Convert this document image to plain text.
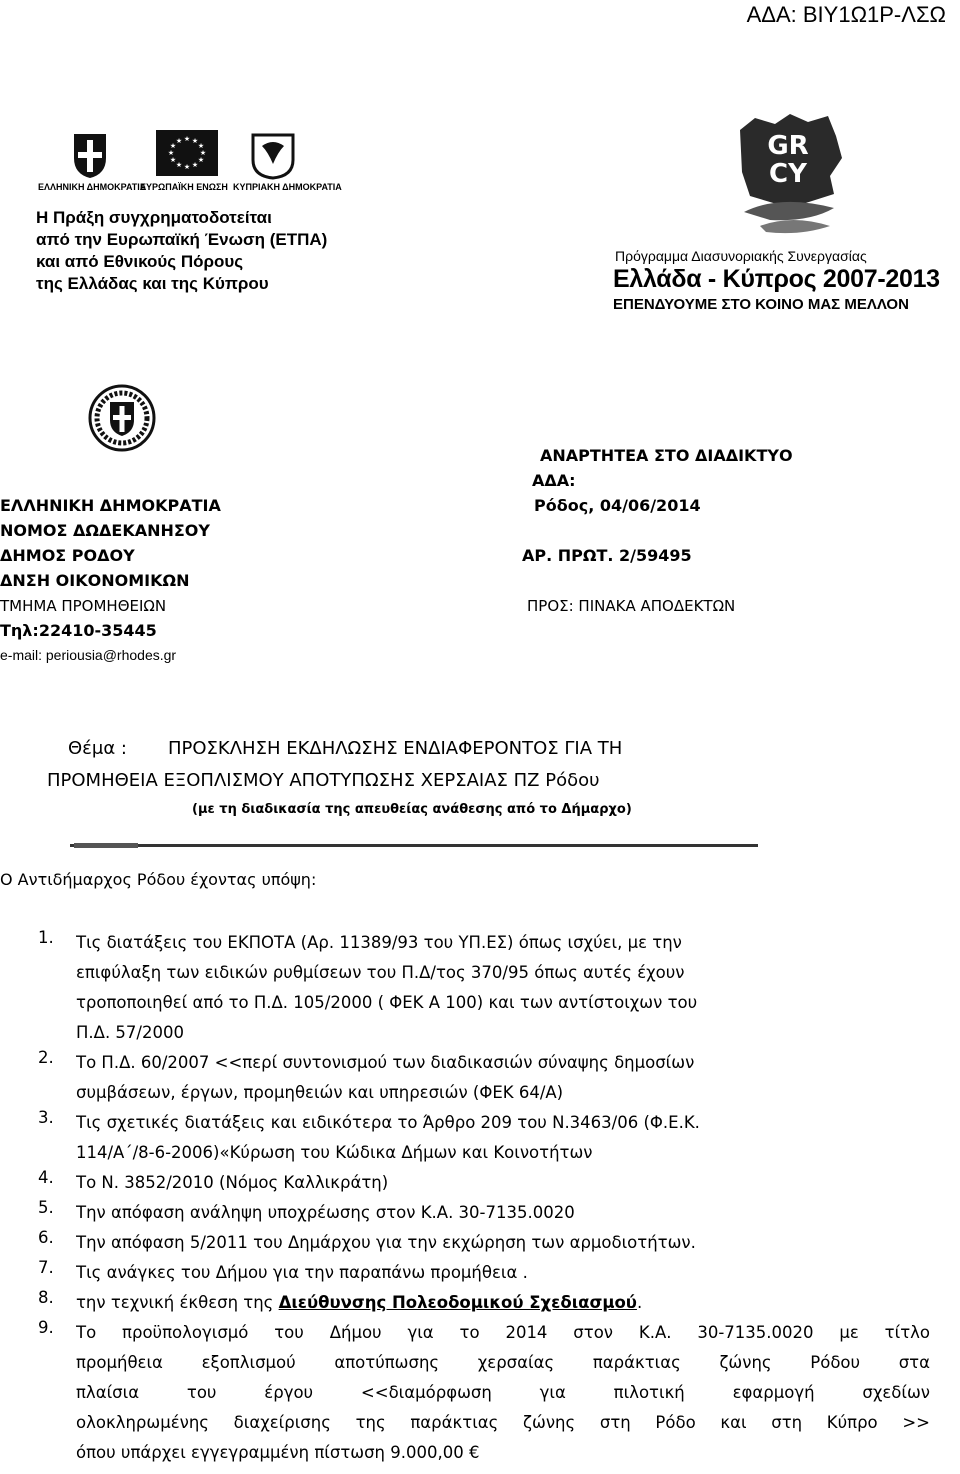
ΑΔΑ: ΒΙΥ1Ω1Ρ-ΛΣΩ
ΕΛΛΗΝΙΚΗ ΔΗΜΟΚΡΑΤΙΑ
★ ★
★
★
★
★
★
★
★
★
★
★
ΕΥΡΩΠΑΪΚΗ ΕΝΩΣΗ ΚΥΠΡΙΑΚΗ ΔΗΜΟΚΡΑΤΙΑ
Η Πράξη συγχρηματοδοτείται
από την Ευρωπαϊκή Ένωση (ΕΤΠΑ)
και από Εθνικούς Πόρους
της Ελλάδας και της Κύπρου
GR
CY
Πρόγραμμα Διασυνοριακής Συνεργασίας
Ελλάδα - Κύπρος 2007-2013
ΕΠΕΝΔΥΟΥΜΕ ΣΤΟ ΚΟΙΝΟ ΜΑΣ ΜΕΛΛΟΝ
ΑΝΑΡΤΗΤΕΑ ΣΤΟ ΔΙΑΔΙΚΤΥΟ
ΑΔΑ:
Ρόδος, 04/06/2014
ΑΡ. ΠΡΩΤ. 2/59495
ΠΡΟΣ: ΠΙΝΑΚΑ ΑΠΟΔΕΚΤΩΝ
ΕΛΛΗΝΙΚΗ ΔΗΜΟΚΡΑΤΙΑ
ΝΟΜΟΣ ΔΩΔΕΚΑΝΗΣΟΥ
ΔΗΜΟΣ ΡΟΔΟΥ
ΔΝΣΗ ΟΙΚΟΝΟΜΙΚΩΝ
ΤΜΗΜΑ ΠΡΟΜΗΘΕΙΩΝ
Τηλ:22410-35445
e-mail: periousia@rhodes.gr
Θέμα : ΠΡΟΣΚΛΗΣΗ ΕΚΔΗΛΩΣΗΣ ΕΝΔΙΑΦΕΡΟΝΤΟΣ ΓΙΑ ΤΗ
ΠΡΟΜΗΘΕΙΑ ΕΞΟΠΛΙΣΜΟΥ ΑΠΟΤΥΠΩΣΗΣ ΧΕΡΣΑΙΑΣ ΠΖ Ρόδου
(με τη διαδικασία της απευθείας ανάθεσης από το Δήμαρχο)
Ο Αντιδήμαρχος Ρόδου έχοντας υπόψη:
1.	Τις διατάξεις του ΕΚΠΟΤΑ (Αρ. 11389/93 του ΥΠ.ΕΣ) όπως ισχύει, με την
επιφύλαξη των ειδικών ρυθμίσεων του Π.Δ/τος 370/95 όπως αυτές έχουν
τροποποιηθεί από το Π.Δ. 105/2000 ( ΦΕΚ Α 100) και των αντίστοιχων του
Π.Δ. 57/2000
2.	Το Π.Δ. 60/2007 <<περί συντονισμού των διαδικασιών σύναψης δημοσίων
συμβάσεων, έργων, προμηθειών και υπηρεσιών (ΦΕΚ 64/Α)
3.	Τις σχετικές διατάξεις και ειδικότερα το Άρθρο 209 του Ν.3463/06 (Φ.Ε.Κ.
114/Α΄/8-6-2006)«Κύρωση του Κώδικα Δήμων και Κοινοτήτων
4.	Το Ν. 3852/2010 (Νόμος Καλλικράτη)
5.	Την απόφαση ανάληψη υποχρέωσης στον Κ.Α. 30-7135.0020
6.	Την απόφαση 5/2011 του Δημάρχου για την εκχώρηση των αρμοδιοτήτων.
7.	Τις ανάγκες του Δήμου για την παραπάνω προμήθεια .
8.	την τεχνική έκθεση της Διεύθυνσης Πολεοδομικού Σχεδιασμού.
9.	Το προϋπολογισμό του Δήμου για το 2014 στον Κ.Α. 30-7135.0020 με τίτλο
προμήθεια εξοπλισμού αποτύπωσης χερσαίας παράκτιας ζώνης Ρόδου στα
πλαίσια του έργου <<διαμόρφωση για πιλοτική εφαρμογή σχεδίων
ολοκληρωμένης διαχείρισης της παράκτιας ζώνης στη Ρόδο και στη Κύπρο >>
όπου υπάρχει εγγεγραμμένη πίστωση 9.000,00 €
